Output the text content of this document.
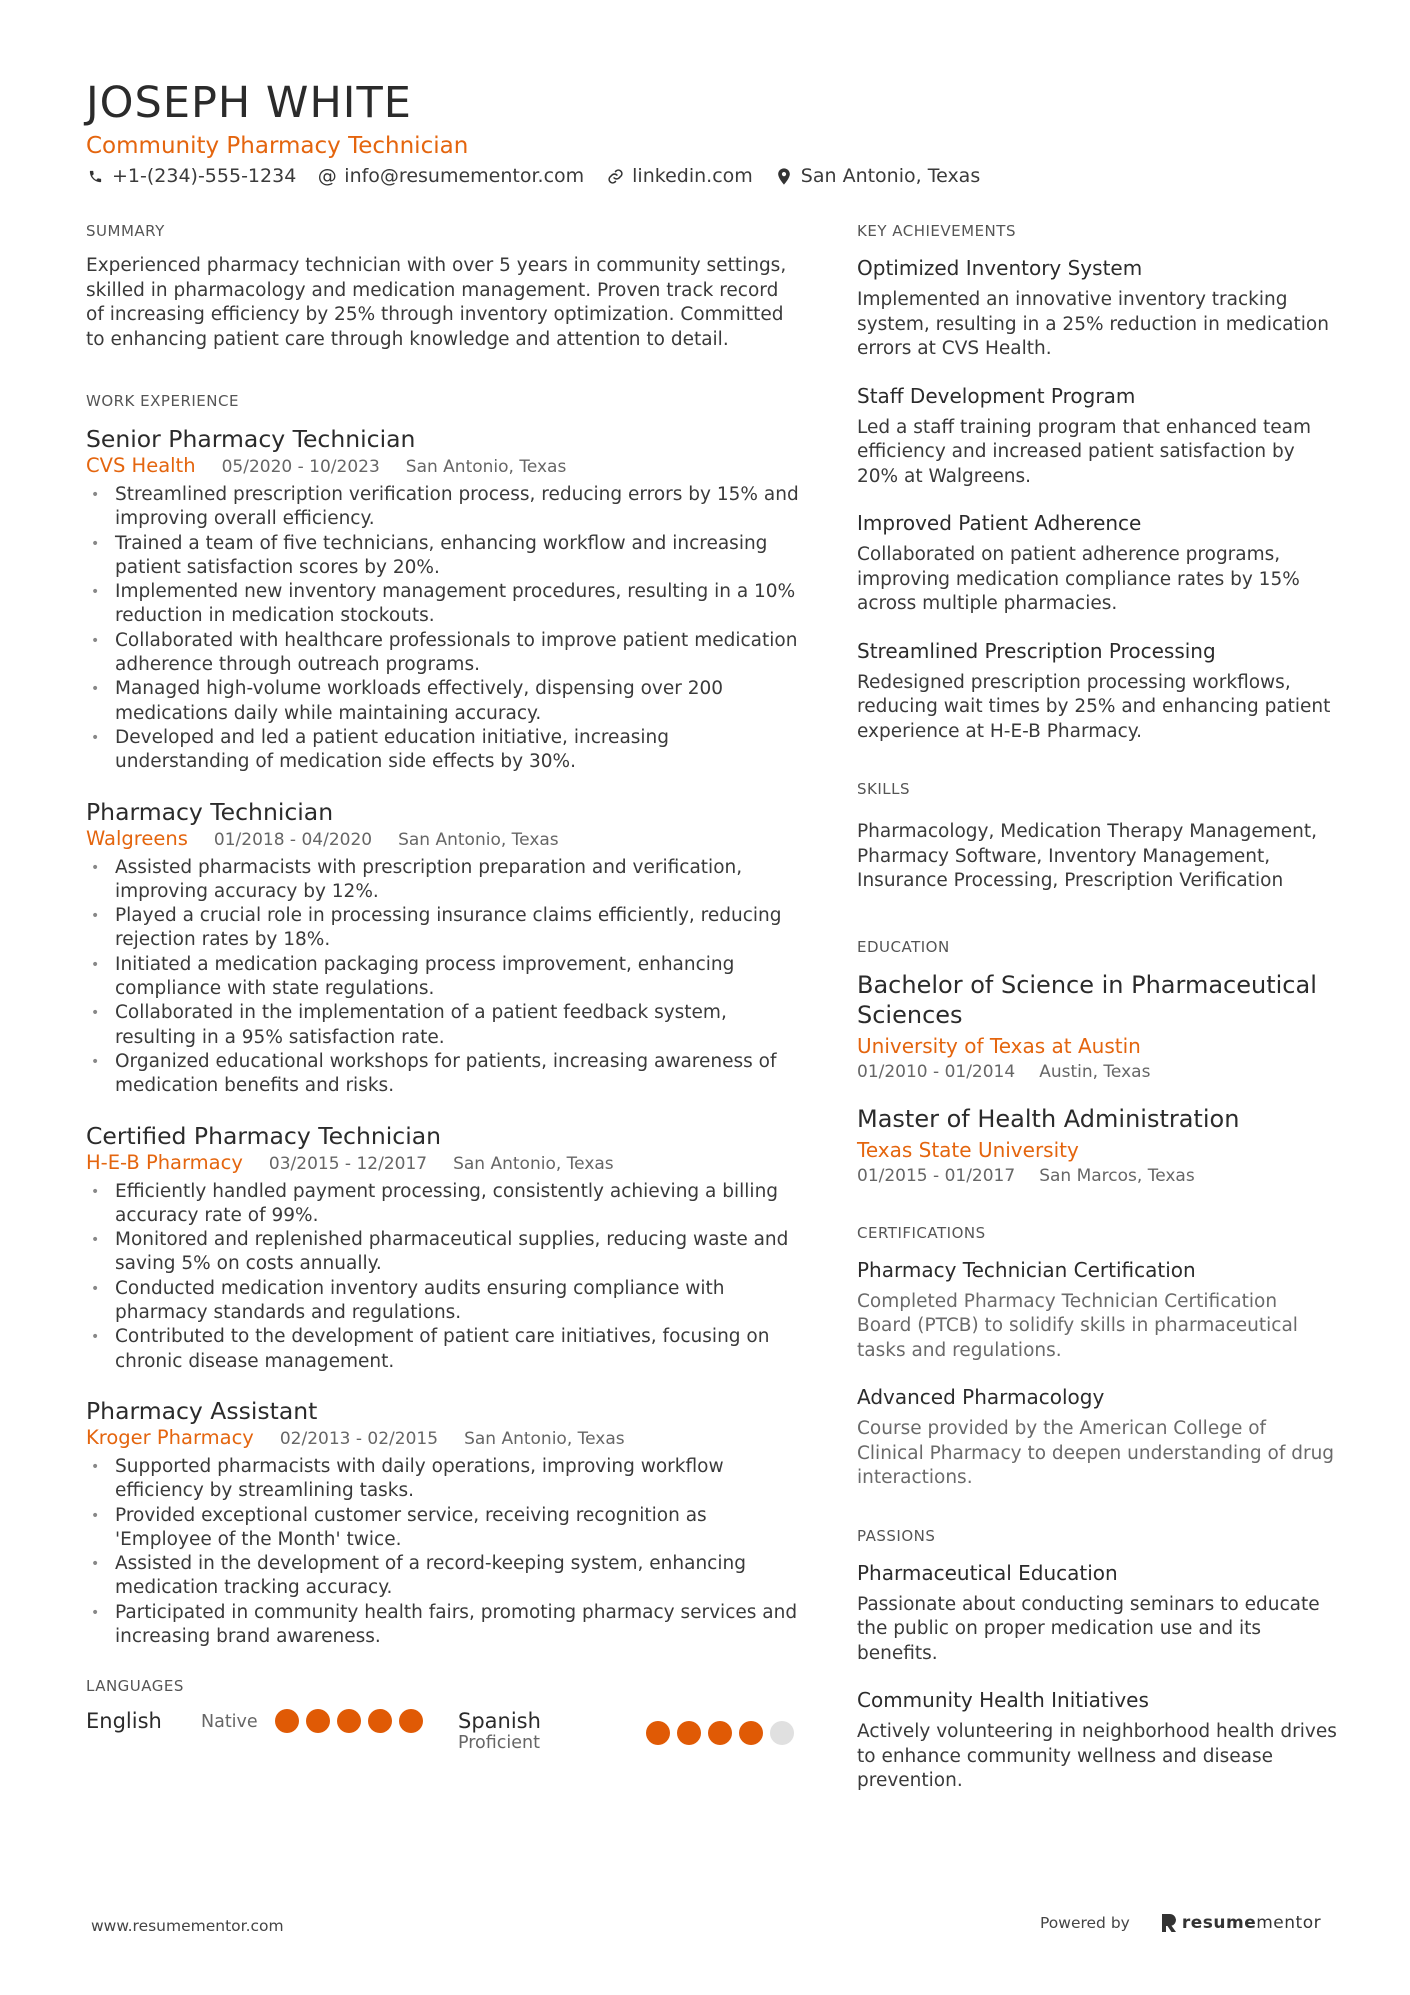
JOSEPH WHITE
Community Pharmacy Technician
+1-(234)-555-1234 @ info@resumementor.com	linkedin.com	San Antonio, Texas
SUMMARY

Experienced pharmacy technician with over 5 years in community settings, skilled in pharmacology and medication management. Proven track record of increasing efficiency by 25% through inventory optimization. Committed to enhancing patient care through knowledge and attention to detail.

WORK EXPERIENCE
Senior Pharmacy Technician
CVS Health 05/2020 - 10/2023 San Antonio, Texas
• Streamlined prescription verification process, reducing errors by 15% and improving overall efficiency.
• Trained a team of five technicians, enhancing workflow and increasing patient satisfaction scores by 20%.
• Implemented new inventory management procedures, resulting in a 10% reduction in medication stockouts.
• Collaborated with healthcare professionals to improve patient medication adherence through outreach programs.
• Managed high-volume workloads effectively, dispensing over 200 medications daily while maintaining accuracy.
• Developed and led a patient education initiative, increasing understanding of medication side effects by 30%.
Pharmacy Technician
Walgreens 01/2018 - 04/2020 San Antonio, Texas
• Assisted pharmacists with prescription preparation and verification, improving accuracy by 12%.
• Played a crucial role in processing insurance claims efficiently, reducing rejection rates by 18%.
• Initiated a medication packaging process improvement, enhancing compliance with state regulations.
• Collaborated in the implementation of a patient feedback system, resulting in a 95% satisfaction rate.
• Organized educational workshops for patients, increasing awareness of medication benefits and risks.
Certified Pharmacy Technician
H-E-B Pharmacy 03/2015 - 12/2017 San Antonio, Texas
• Efficiently handled payment processing, consistently achieving a billing accuracy rate of 99%.
• Monitored and replenished pharmaceutical supplies, reducing waste and saving 5% on costs annually.
• Conducted medication inventory audits ensuring compliance with pharmacy standards and regulations.
• Contributed to the development of patient care initiatives, focusing on chronic disease management.
Pharmacy Assistant
Kroger Pharmacy 02/2013 - 02/2015 San Antonio, Texas
• Supported pharmacists with daily operations, improving workflow efficiency by streamlining tasks.
• Provided exceptional customer service, receiving recognition as 'Employee of the Month' twice.
• Assisted in the development of a record-keeping system, enhancing medication tracking accuracy.
• Participated in community health fairs, promoting pharmacy services and increasing brand awareness.
LANGUAGES
English	Native	Spanish
Proficient
KEY ACHIEVEMENTS
Optimized Inventory System

Implemented an innovative inventory tracking system, resulting in a 25% reduction in medication errors at CVS Health.

Staff Development Program

Led a staff training program that enhanced team efficiency and increased patient satisfaction by 20% at Walgreens.

Improved Patient Adherence

Collaborated on patient adherence programs, improving medication compliance rates by 15% across multiple pharmacies.

Streamlined Prescription Processing

Redesigned prescription processing workflows, reducing wait times by 25% and enhancing patient experience at H-E-B Pharmacy.

SKILLS

Pharmacology, Medication Therapy Management, Pharmacy Software, Inventory Management, Insurance Processing, Prescription Verification

EDUCATION
Bachelor of Science in Pharmaceutical Sciences
University of Texas at Austin
01/2010 - 01/2014 Austin, Texas
Master of Health Administration
Texas State University
01/2015 - 01/2017 San Marcos, Texas
CERTIFICATIONS
Pharmacy Technician Certification

Completed Pharmacy Technician Certification Board (PTCB) to solidify skills in pharmaceutical tasks and regulations.

Advanced Pharmacology

Course provided by the American College of Clinical Pharmacy to deepen understanding of drug interactions.

PASSIONS
Pharmaceutical Education

Passionate about conducting seminars to educate the public on proper medication use and its benefits.

Community Health Initiatives

Actively volunteering in neighborhood health drives to enhance community wellness and disease prevention.

www.resumementor.com	Powered by	resume mentor
